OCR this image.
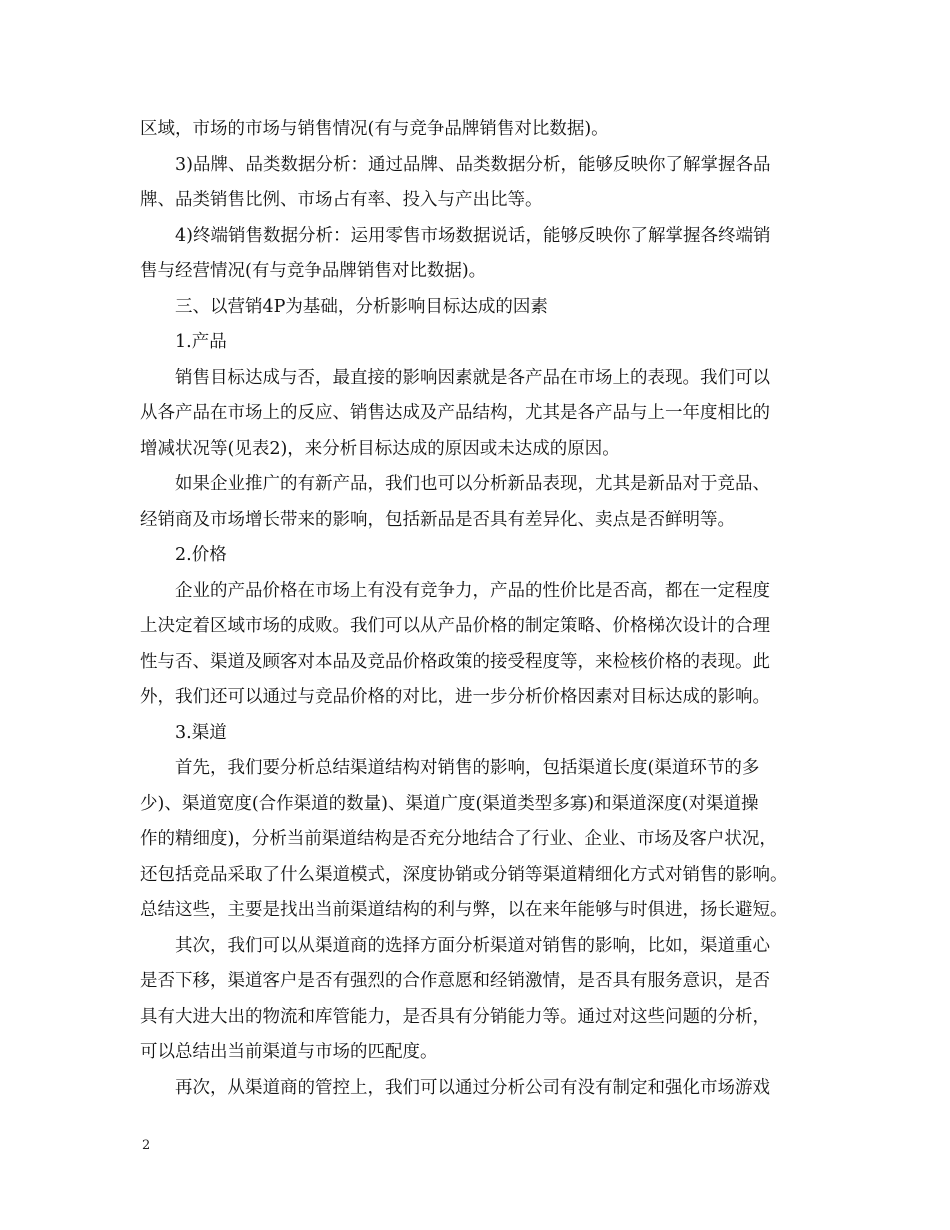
区域，市场的市场与销售情况(有与竞争品牌销售对比数据)。
3)品牌、品类数据分析：通过品牌、品类数据分析，能够反映你了解掌握各品
牌、品类销售比例、市场占有率、投入与产出比等。
4)终端销售数据分析：运用零售市场数据说话，能够反映你了解掌握各终端销
售与经营情况(有与竞争品牌销售对比数据)。
三、以营销4P为基础，分析影响目标达成的因素
1.产品
销售目标达成与否，最直接的影响因素就是各产品在市场上的表现。我们可以
从各产品在市场上的反应、销售达成及产品结构，尤其是各产品与上一年度相比的
增减状况等(见表2)，来分析目标达成的原因或未达成的原因。
如果企业推广的有新产品，我们也可以分析新品表现，尤其是新品对于竞品、
经销商及市场增长带来的影响，包括新品是否具有差异化、卖点是否鲜明等。
2.价格
企业的产品价格在市场上有没有竞争力，产品的性价比是否高，都在一定程度
上决定着区域市场的成败。我们可以从产品价格的制定策略、价格梯次设计的合理
性与否、渠道及顾客对本品及竞品价格政策的接受程度等，来检核价格的表现。此
外，我们还可以通过与竞品价格的对比，进一步分析价格因素对目标达成的影响。
3.渠道
首先，我们要分析总结渠道结构对销售的影响，包括渠道长度(渠道环节的多
少)、渠道宽度(合作渠道的数量)、渠道广度(渠道类型多寡)和渠道深度(对渠道操
作的精细度)，分析当前渠道结构是否充分地结合了行业、企业、市场及客户状况，
还包括竞品采取了什么渠道模式，深度协销或分销等渠道精细化方式对销售的影响。
总结这些，主要是找出当前渠道结构的利与弊，以在来年能够与时俱进，扬长避短。
其次，我们可以从渠道商的选择方面分析渠道对销售的影响，比如，渠道重心
是否下移，渠道客户是否有强烈的合作意愿和经销激情，是否具有服务意识，是否
具有大进大出的物流和库管能力，是否具有分销能力等。通过对这些问题的分析，
可以总结出当前渠道与市场的匹配度。
再次，从渠道商的管控上，我们可以通过分析公司有没有制定和强化市场游戏
2
